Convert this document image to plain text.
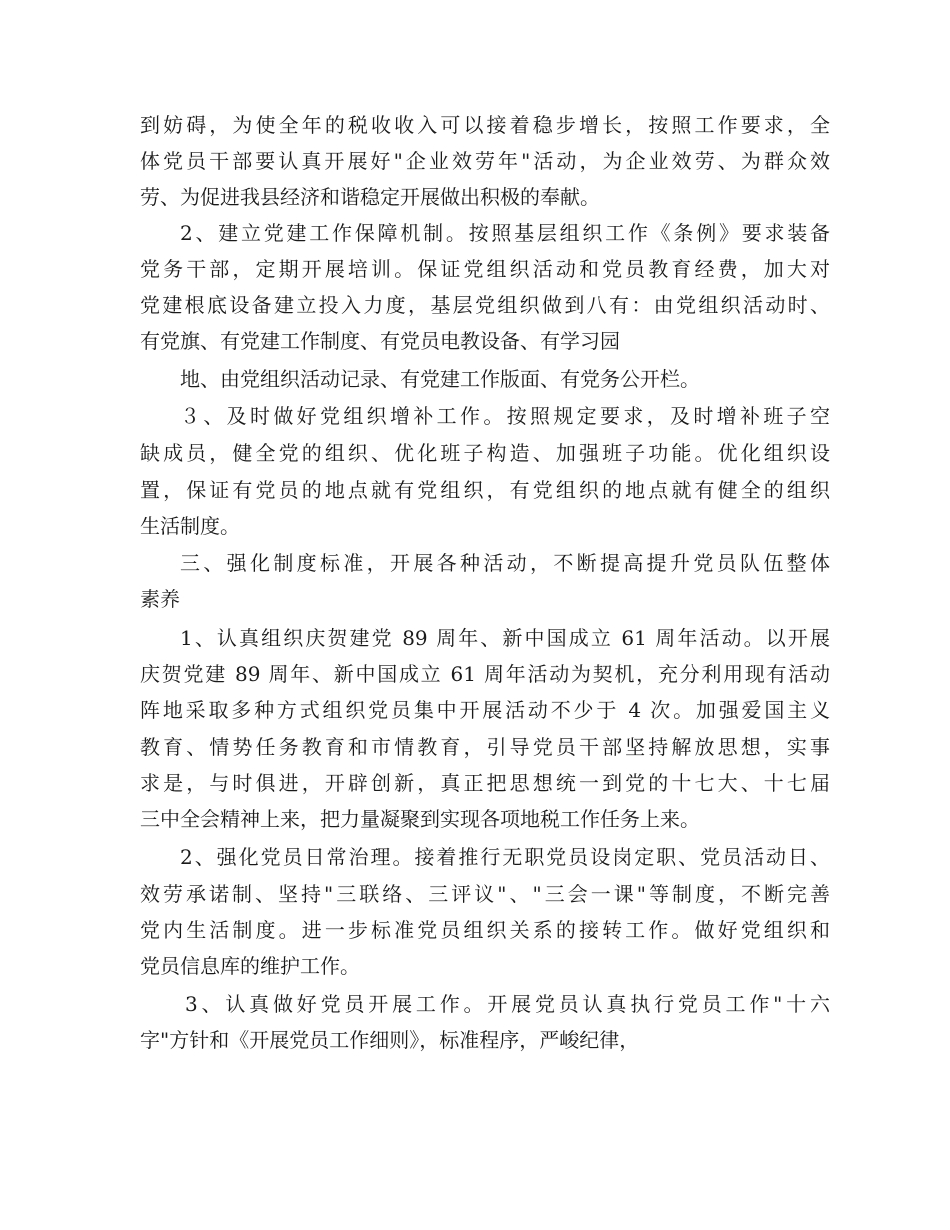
到妨碍，为使全年的税收收入可以接着稳步增长，按照工作要求，全
体党员干部要认真开展好"企业效劳年"活动，为企业效劳、为群众效
劳、为促进我县经济和谐稳定开展做出积极的奉献。
2、建立党建工作保障机制。按照基层组织工作《条例》要求装备
党务干部，定期开展培训。保证党组织活动和党员教育经费，加大对
党建根底设备建立投入力度，基层党组织做到八有：由党组织活动时、
有党旗、有党建工作制度、有党员电教设备、有学习园
地、由党组织活动记录、有党建工作版面、有党务公开栏。
３、及时做好党组织增补工作。按照规定要求，及时增补班子空
缺成员，健全党的组织、优化班子构造、加强班子功能。优化组织设
置，保证有党员的地点就有党组织，有党组织的地点就有健全的组织
生活制度。
三、强化制度标准，开展各种活动，不断提高提升党员队伍整体
素养
1、认真组织庆贺建党 89 周年、新中国成立 61 周年活动。以开展
庆贺党建 89 周年、新中国成立 61 周年活动为契机，充分利用现有活动
阵地采取多种方式组织党员集中开展活动不少于 4 次。加强爱国主义
教育、情势任务教育和市情教育，引导党员干部坚持解放思想，实事
求是，与时俱进，开辟创新，真正把思想统一到党的十七大、十七届
三中全会精神上来，把力量凝聚到实现各项地税工作任务上来。
2、强化党员日常治理。接着推行无职党员设岗定职、党员活动日、
效劳承诺制、坚持"三联络、三评议"、"三会一课"等制度，不断完善
党内生活制度。进一步标准党员组织关系的接转工作。做好党组织和
党员信息库的维护工作。
3、认真做好党员开展工作。开展党员认真执行党员工作"十六
字"方针和《开展党员工作细则》，标准程序，严峻纪律，
